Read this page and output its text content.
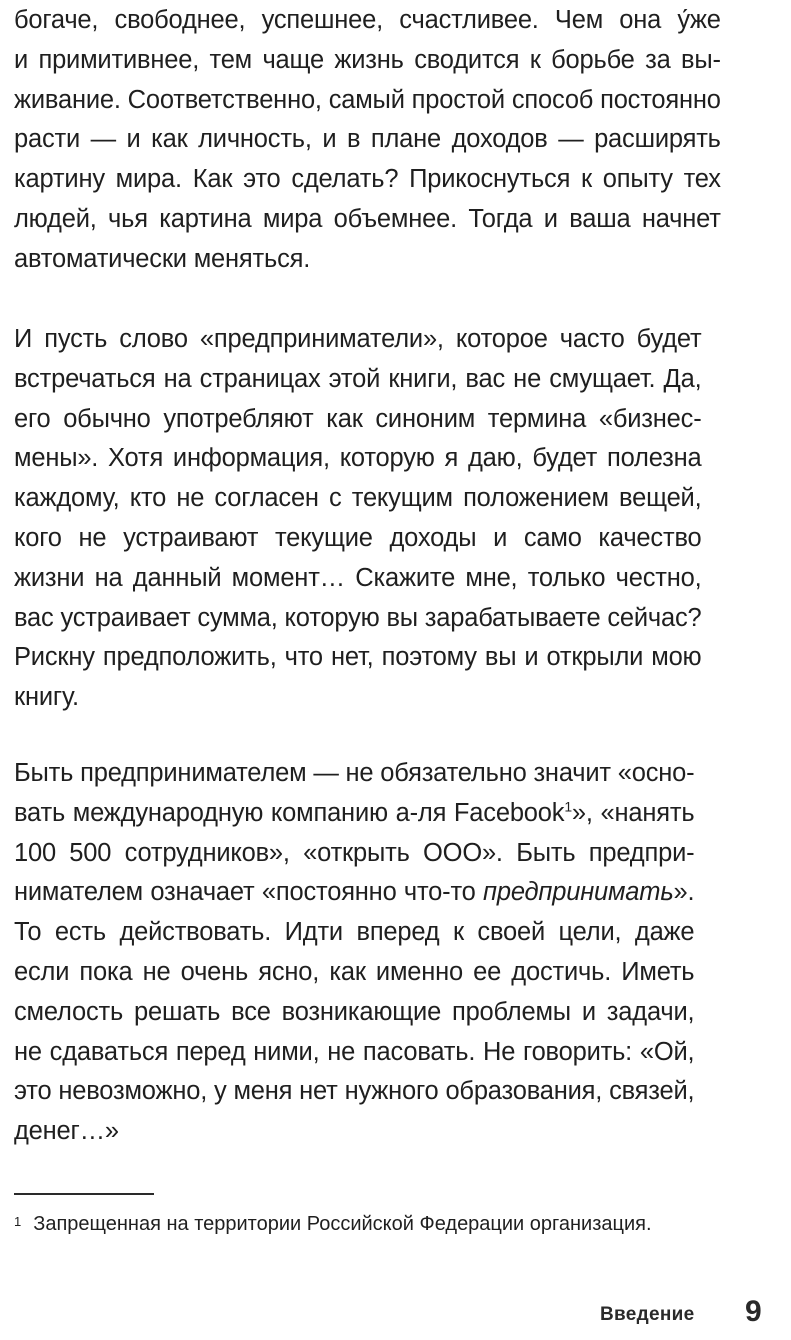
богаче, свободнее, успешнее, счастливее. Чем она у́же
и примитивнее, тем чаще жизнь сводится к борьбе за вы-
живание. Соответственно, самый простой способ постоянно
расти — и как личность, и в плане доходов — расширять
картину мира. Как это сделать? Прикоснуться к опыту тех
людей, чья картина мира объемнее. Тогда и ваша начнет
автоматически меняться.

И пусть слово «предприниматели», которое часто будет
встречаться на страницах этой книги, вас не смущает. Да,
его обычно употребляют как синоним термина «бизнес-
мены». Хотя информация, которую я даю, будет полезна
каждому, кто не согласен с текущим положением вещей,
кого не устраивают текущие доходы и само качество
жизни на данный момент… Скажите мне, только честно,
вас устраивает сумма, которую вы зарабатываете сейчас?
Рискну предположить, что нет, поэтому вы и открыли мою
книгу.

Быть предпринимателем — не обязательно значит «осно-
вать международную компанию а-ля Facebook$^1$», «нанять
100 500 сотрудников», «открыть ООО». Быть предпри-
нимателем означает «постоянно что-то предпринимать».
То есть действовать. Идти вперед к своей цели, даже
если пока не очень ясно, как именно ее достичь. Иметь
смелость решать все возникающие проблемы и задачи,
не сдаваться перед ними, не пасовать. Не говорить: «Ой,
это невозможно, у меня нет нужного образования, связей,
денег…»

$^1$ Запрещенная на территории Российской Федерации организация.
Введение 9
